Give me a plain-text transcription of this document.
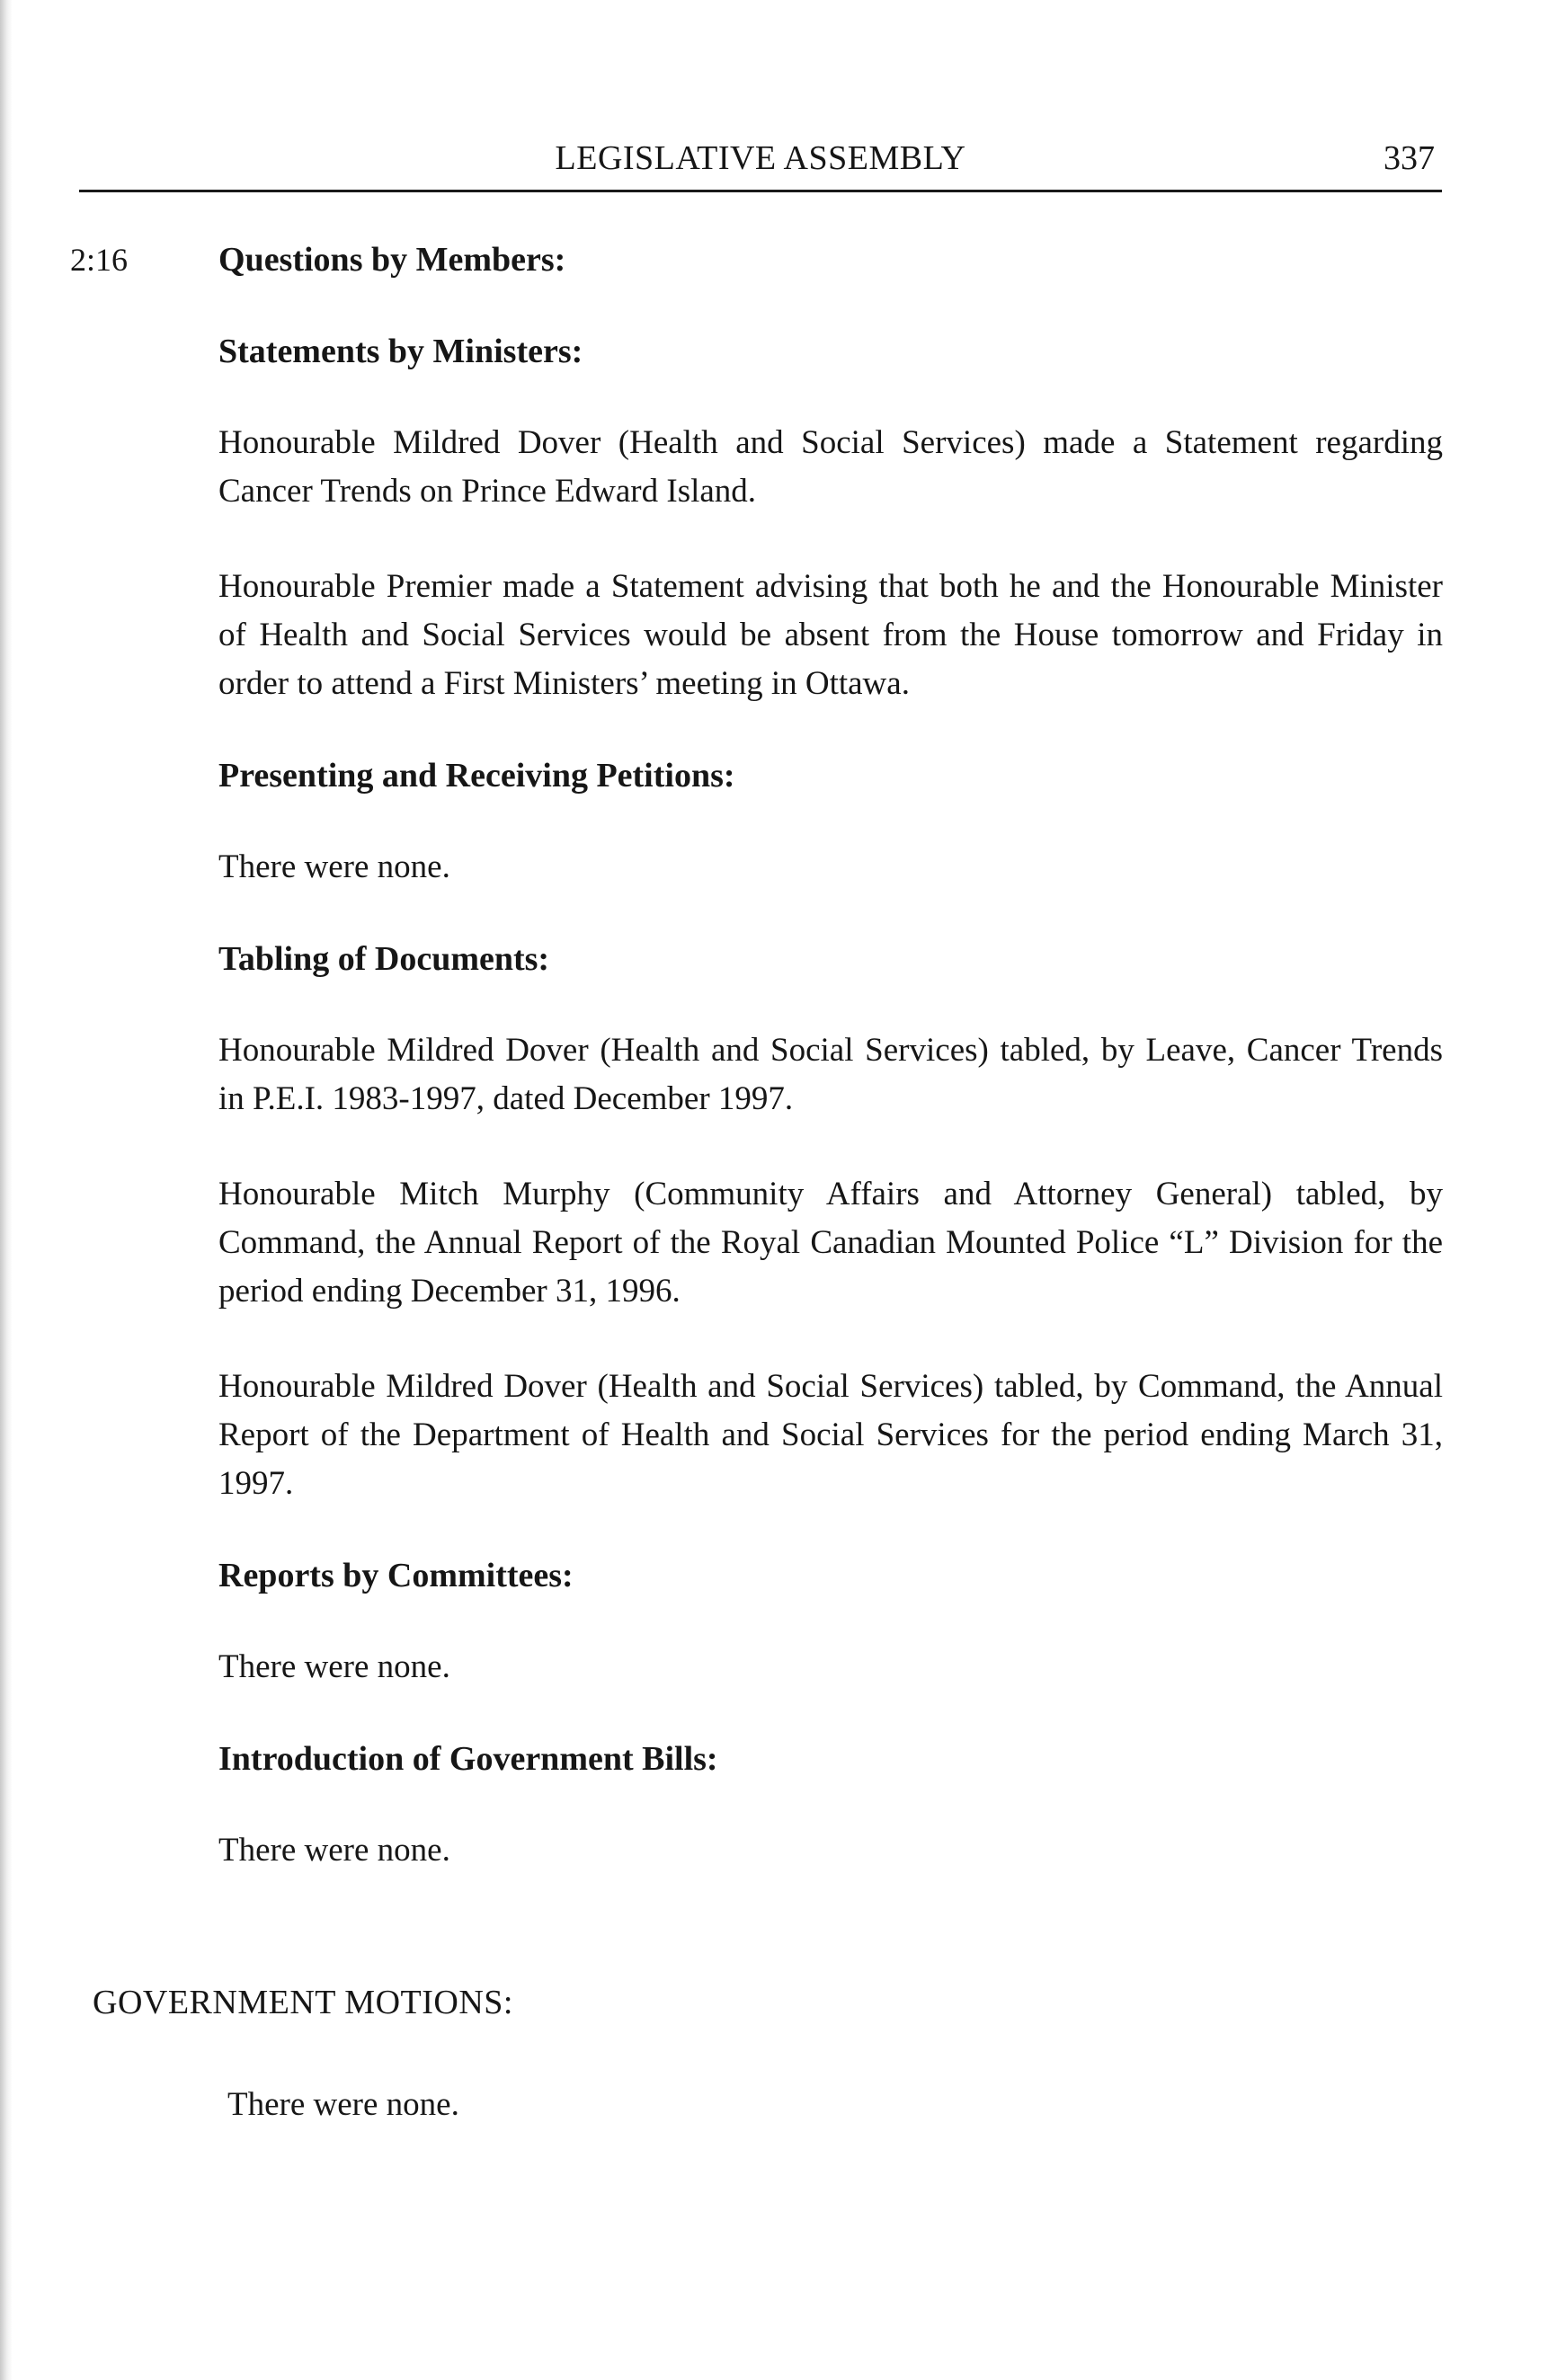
LEGISLATIVE ASSEMBLY	337
2:16	Questions by Members:
Statements by Ministers:

Honourable Mildred Dover (Health and Social Services) made a Statement regarding Cancer Trends on Prince Edward Island.

Honourable Premier made a Statement advising that both he and the Honourable Minister of Health and Social Services would be absent from the House tomorrow and Friday in order to attend a First Ministers’ meeting in Ottawa.

Presenting and Receiving Petitions:

There were none.

Tabling of Documents:

Honourable Mildred Dover (Health and Social Services) tabled, by Leave, Cancer Trends in P.E.I. 1983-1997, dated December 1997.

Honourable Mitch Murphy (Community Affairs and Attorney General) tabled, by Command, the Annual Report of the Royal Canadian Mounted Police “L” Division for the period ending December 31, 1996.

Honourable Mildred Dover (Health and Social Services) tabled, by Command, the Annual Report of the Department of Health and Social Services for the period ending March 31, 1997.

Reports by Committees:

There were none.

Introduction of Government Bills:

There were none.

GOVERNMENT MOTIONS:
There were none.
